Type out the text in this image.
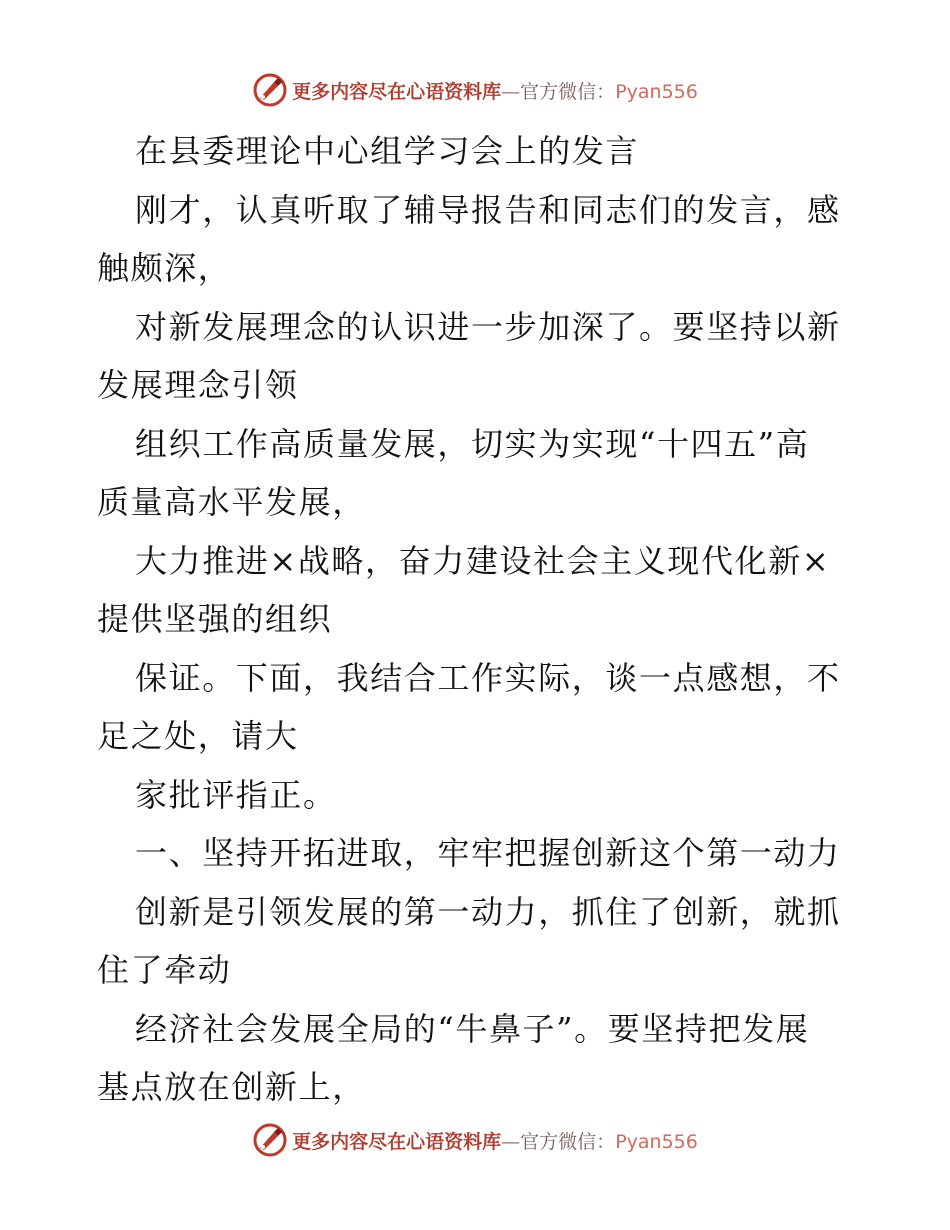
更多内容尽在心语资料库—官方微信：Pyan556
在县委理论中心组学习会上的发言
刚才，认真听取了辅导报告和同志们的发言，感
触颇深，
对新发展理念的认识进一步加深了。要坚持以新
发展理念引领
组织工作高质量发展，切实为实现“十四五”高
质量高水平发展，
大力推进×战略，奋力建设社会主义现代化新×
提供坚强的组织
保证。下面，我结合工作实际，谈一点感想，不
足之处，请大
家批评指正。
一、坚持开拓进取，牢牢把握创新这个第一动力
创新是引领发展的第一动力，抓住了创新，就抓
住了牵动
经济社会发展全局的“牛鼻子”。要坚持把发展
基点放在创新上，
更多内容尽在心语资料库—官方微信：Pyan556
